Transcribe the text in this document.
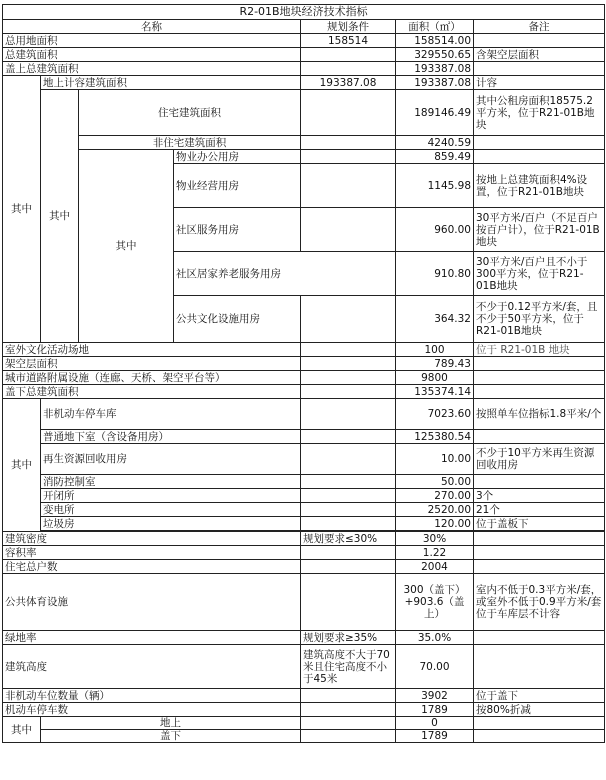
R2-01B地块经济技术指标						
名称				规划条件	面积（㎡）	备注
总用地面积				158514	158514.00	
总建筑面积					329550.65	含架空层面积
盖上总建筑面积					193387.08	
其中	地上计容建筑面积			193387.08	193387.08	计容
	其中	住宅建筑面积			189146.49	其中公租房面积18575.2平方米，位于R21-01B地块
		非住宅建筑面积			4240.59	
		其中	物业办公用房		859.49	
			物业经营用房		1145.98	按地上总建筑面积4%设置，位于R21-01B地块
			社区服务用房		960.00	30平方米/百户（不足百户按百户计），位于R21-01B地块
			社区居家养老服务用房		910.80	30平方米/百户且不小于300平方米，位于R21-01B地块
			公共文化设施用房		364.32	不少于0.12平方米/套，且不少于50平方米，位于R21-01B地块
室外文化活动场地					100	位于 R21-01B 地块
架空层面积					789.43	
城市道路附属设施（连廊、天桥、架空平台等）					9800	
盖下总建筑面积					135374.14	
其中	非机动车停车库				7023.60	按照单车位指标1.8平米/个
	普通地下室（含设备用房）				125380.54	
	再生资源回收用房				10.00	不少于10平方米再生资源回收用房
	消防控制室				50.00	
	开闭所				270.00	3个
	变电所				2520.00	21个
	垃圾房				120.00	位于盖板下

建筑密度				规划要求≤30%	30%	
容积率					1.22	
住宅总户数					2004	
公共体育设施					300（盖下）+903.6（盖上）	室内不低于0.3平方米/套，或室外不低于0.9平方米/套位于车库层不计容
绿地率				规划要求≥35%	35.0%	
建筑高度				建筑高度不大于70米且住宅高度不小于45米	70.00	
非机动车位数量（辆）					3902	位于盖下
机动车停车数					1789	按80%折减
其中	地上				0	
	盖下				1789	
